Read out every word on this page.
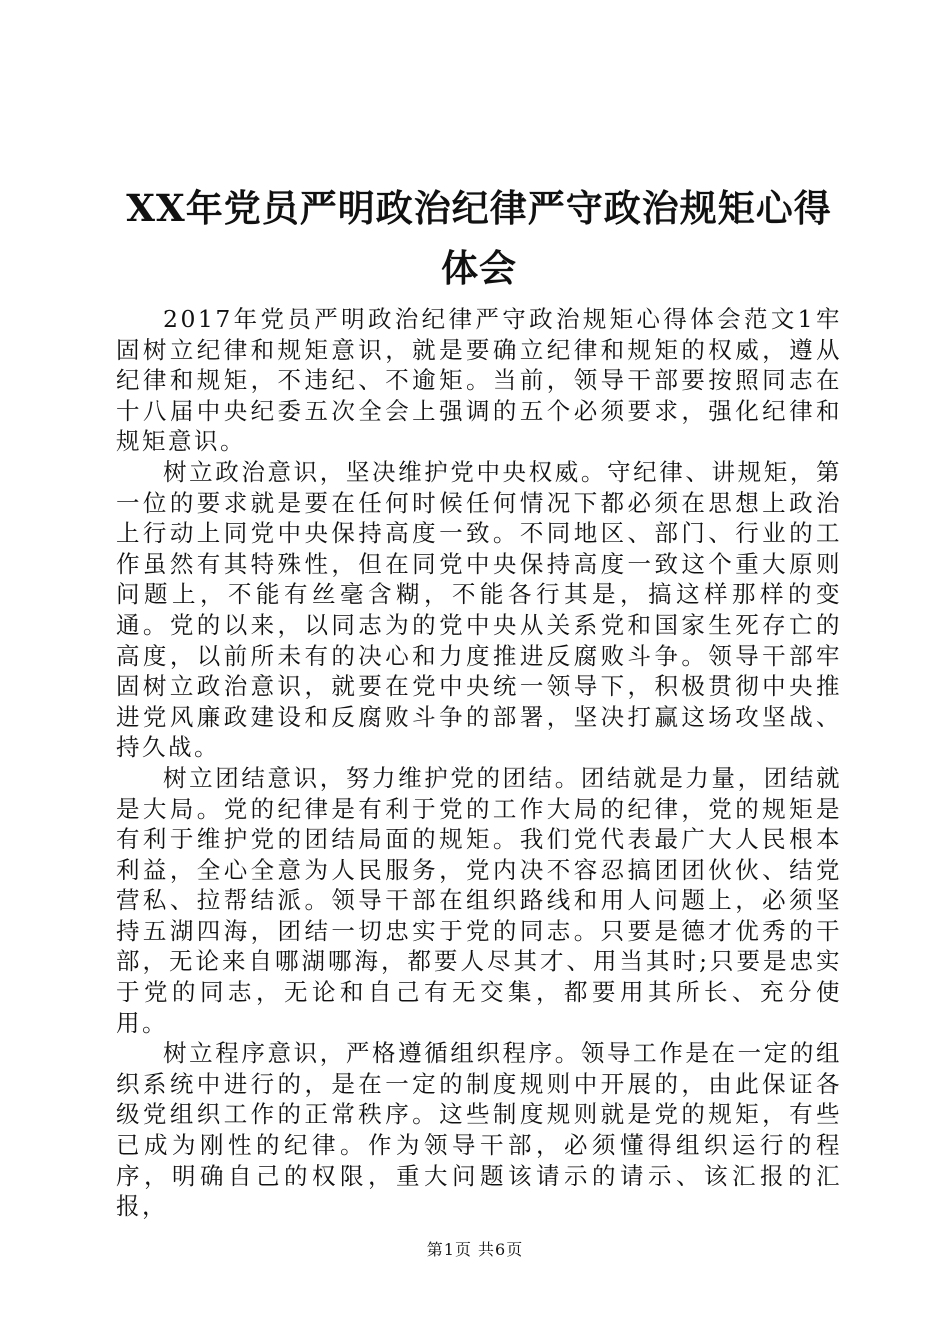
XX年党员严明政治纪律严守政治规矩心得体会

2017年党员严明政治纪律严守政治规矩心得体会范文1牢固树立纪律和规矩意识，就是要确立纪律和规矩的权威，遵从纪律和规矩，不违纪、不逾矩。当前，领导干部要按照同志在十八届中央纪委五次全会上强调的五个必须要求，强化纪律和规矩意识。

树立政治意识，坚决维护党中央权威。守纪律、讲规矩，第一位的要求就是要在任何时候任何情况下都必须在思想上政治上行动上同党中央保持高度一致。不同地区、部门、行业的工作虽然有其特殊性，但在同党中央保持高度一致这个重大原则问题上，不能有丝毫含糊，不能各行其是，搞这样那样的变通。党的以来，以同志为的党中央从关系党和国家生死存亡的高度，以前所未有的决心和力度推进反腐败斗争。领导干部牢固树立政治意识，就要在党中央统一领导下，积极贯彻中央推进党风廉政建设和反腐败斗争的部署，坚决打赢这场攻坚战、持久战。

树立团结意识，努力维护党的团结。团结就是力量，团结就是大局。党的纪律是有利于党的工作大局的纪律，党的规矩是有利于维护党的团结局面的规矩。我们党代表最广大人民根本利益，全心全意为人民服务，党内决不容忍搞团团伙伙、结党营私、拉帮结派。领导干部在组织路线和用人问题上，必须坚持五湖四海，团结一切忠实于党的同志。只要是德才优秀的干部，无论来自哪湖哪海，都要人尽其才、用当其时;只要是忠实于党的同志，无论和自己有无交集，都要用其所长、充分使用。

树立程序意识，严格遵循组织程序。领导工作是在一定的组织系统中进行的，是在一定的制度规则中开展的，由此保证各级党组织工作的正常秩序。这些制度规则就是党的规矩，有些已成为刚性的纪律。作为领导干部，必须懂得组织运行的程序，明确自己的权限，重大问题该请示的请示、该汇报的汇报，

第1页 共6页
